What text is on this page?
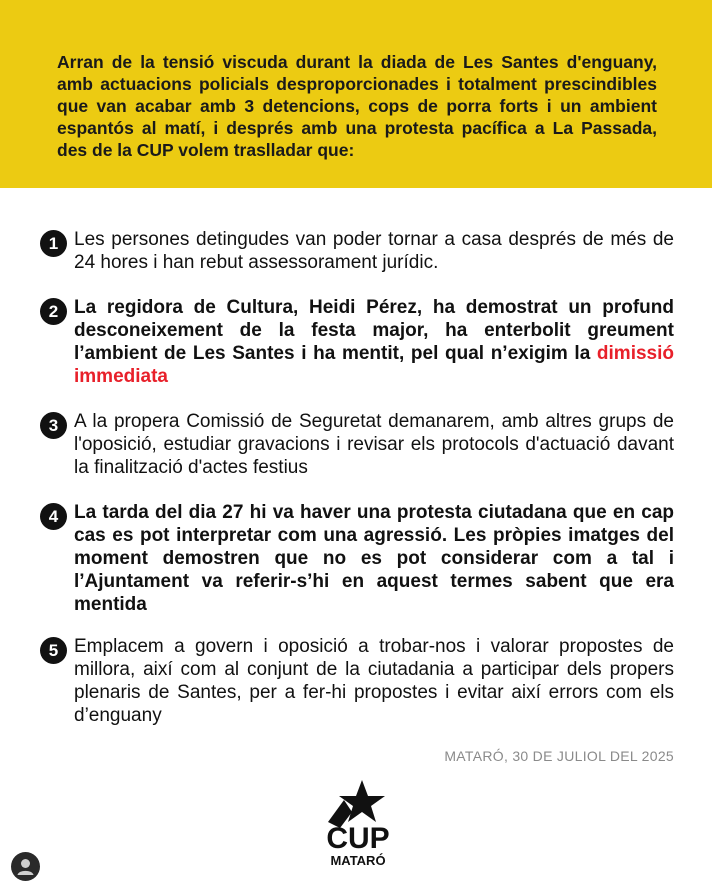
Arran de la tensió viscuda durant la diada de Les Santes d'enguany, amb actuacions policials desproporcionades i totalment prescindibles que van acabar amb 3 detencions, cops de porra forts i un ambient espantós al matí, i després amb una protesta pacífica a La Passada, des de la CUP volem traslladar que:

1 Les persones detingudes van poder tornar a casa després de més de 24 hores i han rebut assessorament jurídic.

2 La regidora de Cultura, Heidi Pérez, ha demostrat un profund desconeixement de la festa major, ha enterbolit greument l’ambient de Les Santes i ha mentit, pel qual n’exigim la dimissió immediata

3 A la propera Comissió de Seguretat demanarem, amb altres grups de l'oposició, estudiar gravacions i revisar els protocols d'actuació davant la finalització d'actes festius

4 La tarda del dia 27 hi va haver una protesta ciutadana que en cap cas es pot interpretar com una agressió. Les pròpies imatges del moment demostren que no es pot considerar com a tal i l’Ajuntament va referir-s’hi en aquest termes sabent que era mentida

5 Emplacem a govern i oposició a trobar-nos i valorar propostes de millora, així com al conjunt de la ciutadania a participar dels propers plenaris de Santes, per a fer-hi propostes i evitar així errors com els d’enguany

MATARÓ, 30 DE JULIOL DEL 2025
CUP
MATARÓ
